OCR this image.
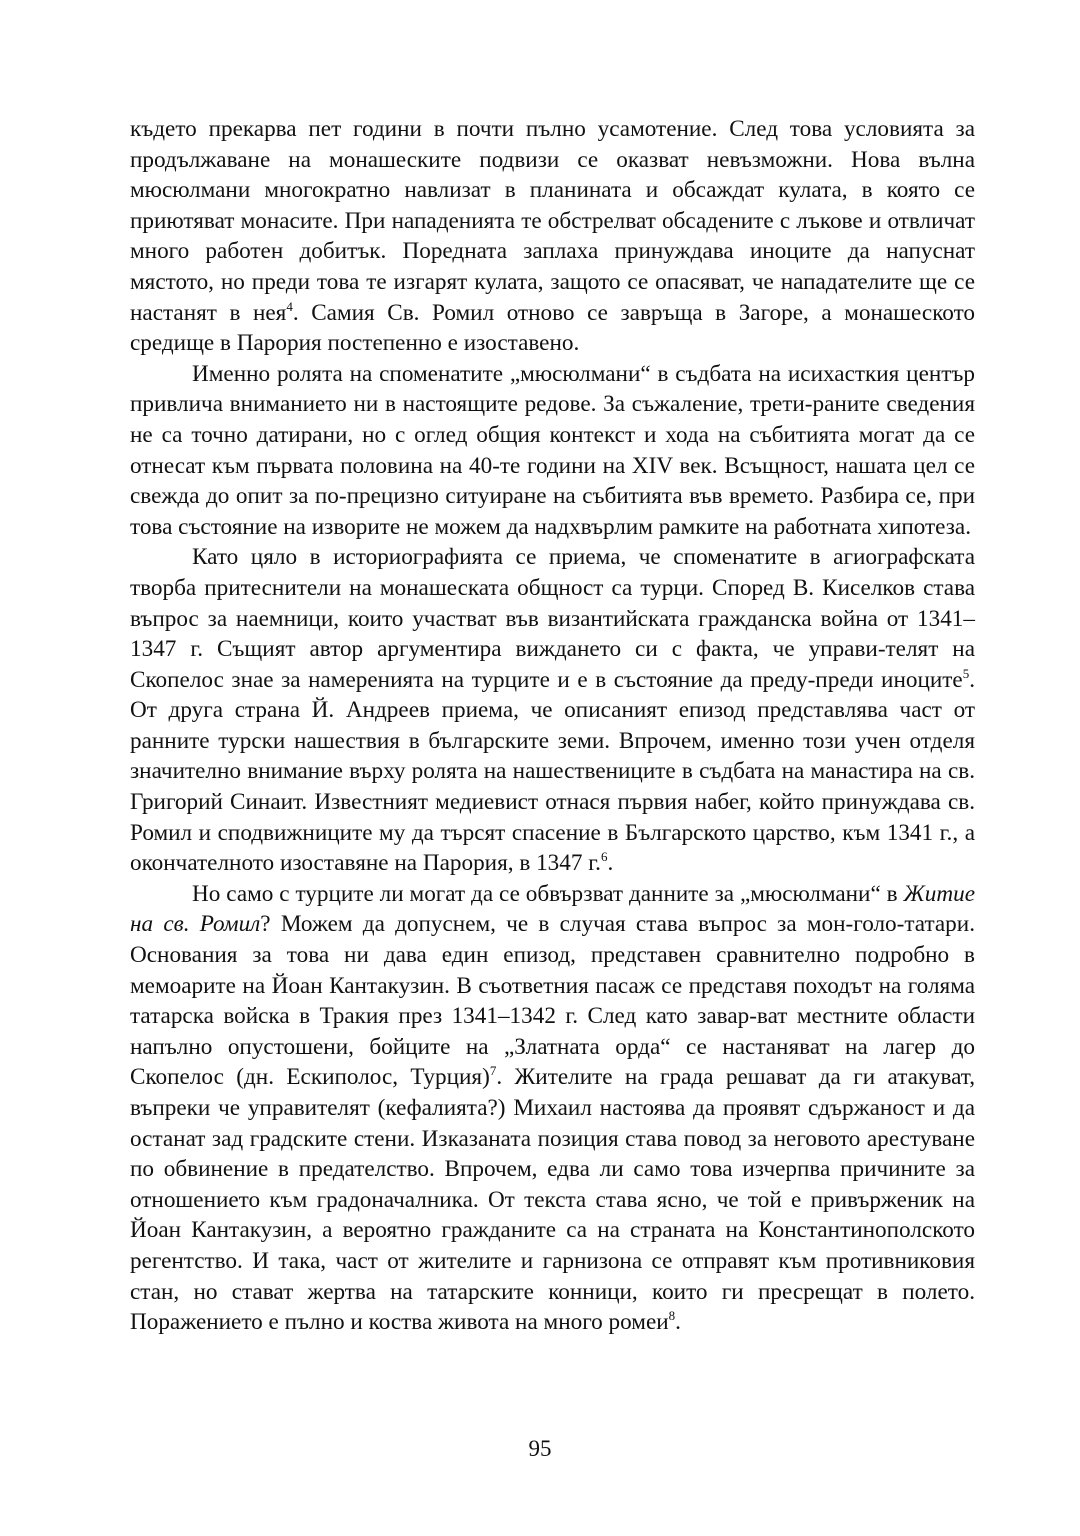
където прекарва пет години в почти пълно усамотение. След това условията за продължаване на монашеските подвизи се оказват невъзможни. Нова вълна мюсюлмани многократно навлизат в планината и обсаждат кулата, в която се приютяват монасите. При нападенията те обстрелват обсадените с лъкове и отвличат много работен добитък. Поредната заплаха принуждава иноците да напуснат мястото, но преди това те изгарят кулата, защото се опасяват, че нападателите ще се настанят в нея$^4$. Самия Св. Ромил отново се завръща в Загоре, а монашеското средище в Парория постепенно е изоставено.

Именно ролята на споменатите „мюсюлмани“ в съдбата на исихасткия център привлича вниманието ни в настоящите редове. За съжаление, трети-раните сведения не са точно датирани, но с оглед общия контекст и хода на събитията могат да се отнесат към първата половина на 40-те години на XIV век. Всъщност, нашата цел се свежда до опит за по-прецизно ситуиране на събитията във времето. Разбира се, при това състояние на изворите не можем да надхвърлим рамките на работната хипотеза.

Като цяло в историографията се приема, че споменатите в агиографската творба притеснители на монашеската общност са турци. Според В. Киселков става въпрос за наемници, които участват във византийската гражданска война от 1341–1347 г. Същият автор аргументира виждането си с факта, че управи-телят на Скопелос знае за намеренията на турците и е в състояние да преду-преди иноците$^5$. От друга страна Й. Андреев приема, че описаният епизод представлява част от ранните турски нашествия в българските земи. Впрочем, именно този учен отделя значително внимание върху ролята на нашествениците в съдбата на манастира на св. Григорий Синаит. Известният медиевист отнася първия набег, който принуждава св. Ромил и сподвижниците му да търсят спасение в Българското царство, към 1341 г., а окончателното изоставяне на Парория, в 1347 г.$^6$.

Но само с турците ли могат да се обвързват данните за „мюсюлмани“ в Житие на св. Ромил? Можем да допуснем, че в случая става въпрос за мон-голо-татари. Основания за това ни дава един епизод, представен сравнително подробно в мемоарите на Йоан Кантакузин. В съответния пасаж се представя походът на голяма татарска войска в Тракия през 1341–1342 г. След като завар-ват местните области напълно опустошени, бойците на „Златната орда“ се настаняват на лагер до Скопелос (дн. Ескиполос, Турция)$^7$. Жителите на града решават да ги атакуват, въпреки че управителят (кефалията?) Михаил настоява да проявят сдържаност и да останат зад градските стени. Изказаната позиция става повод за неговото арестуване по обвинение в предателство. Впрочем, едва ли само това изчерпва причините за отношението към градоначалника. От текста става ясно, че той е привърженик на Йоан Кантакузин, а вероятно гражданите са на страната на Константинополското регентство. И така, част от жителите и гарнизона се отправят към противниковия стан, но стават жертва на татарските конници, които ги пресрещат в полето. Поражението е пълно и коства живота на много ромеи$^8$.

95
